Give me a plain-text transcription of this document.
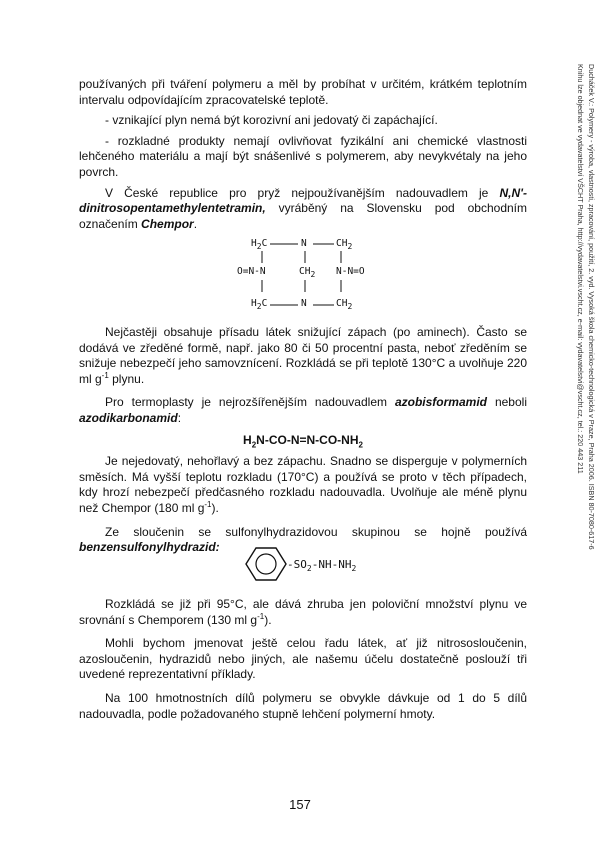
používaných při tváření polymeru a měl by probíhat v určitém, krátkém teplotním intervalu odpovídajícím zpracovatelské teplotě.

- vznikající plyn nemá být korozivní ani jedovatý či zapáchající.

- rozkladné produkty nemají ovlivňovat fyzikální ani chemické vlastnosti lehčeného materiálu a mají být snášenlivé s polymerem, aby nevykvétaly na jeho povrch.

V České republice pro pryž nejpoužívanějším nadouvadlem je N,N'-dinitrosopentamethylentetramin, vyráběný na Slovensku pod obchodním označením Chempor.

$H_2C$	N	$CH_2$
O=N-N	$CH_2$ N-N=O
$H_2C$	N	$CH_2$

Nejčastěji obsahuje přísadu látek snižující zápach (po aminech). Často se dodává ve zředěné formě, např. jako 80 či 50 procentní pasta, neboť zředěním se snižuje nebezpečí jeho samovznícení. Rozkládá se při teplotě 130°C a uvolňuje 220 ml $g^{-1}$ plynu.

Pro termoplasty je nejrozšířenějším nadouvadlem azobisformamid neboli azodikarbonamid:

$H_2N-CO-N=N-CO-NH_2$

Je nejedovatý, nehořlavý a bez zápachu. Snadno se disperguje v polymerních směsích. Má vyšší teplotu rozkladu (170°C) a používá se proto v těch případech, kdy hrozí nebezpečí předčasného rozkladu nadouvadla. Uvolňuje ale méně plynu než Chempor (180 ml $g^{-1}$).

Ze sloučenin se sulfonylhydrazidovou skupinou se hojně používá benzensulfonylhydrazid:

$-SO_2-NH-NH_2$

Rozkládá se již při 95°C, ale dává zhruba jen poloviční množství plynu ve srovnání s Chemporem (130 ml $g^{-1}$).

Mohli bychom jmenovat ještě celou řadu látek, ať již nitrososloučenin, azosloučenin, hydrazidů nebo jiných, ale našemu účelu dostatečně poslouží tři uvedené reprezentativní příklady.

Na 100 hmotnostních dílů polymeru se obvykle dávkuje od 1 do 5 dílů nadouvadla, podle požadovaného stupně lehčení polymerní hmoty.

Ducháček V.: Polymery - výroba, vlastnosti, zpracování, použití, 2. vyd. Vysoká škola chemicko-technologická v Praze, Praha 2006. ISBN 80-7080-617-6
Knihu lze objednat ve vydavatelství VŠCHT Praha, http://vydavatelstvi.vscht.cz, e-mail: vydavatelstvi@vscht.cz, tel.: 220 443 211
157
